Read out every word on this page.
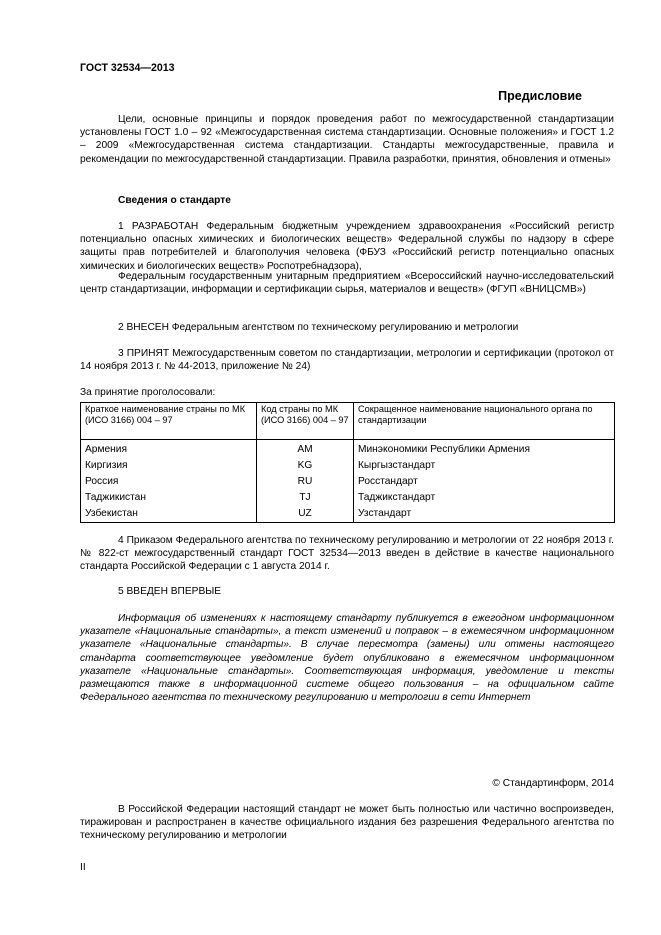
ГОСТ 32534—2013
Предисловие

Цели, основные принципы и порядок проведения работ по межгосударственной стандартизации установлены ГОСТ 1.0 – 92 «Межгосударственная система стандартизации. Основные положения» и ГОСТ 1.2 – 2009 «Межгосударственная система стандартизации. Стандарты межгосударственные, правила и рекомендации по межгосударственной стандартизации. Правила разработки, принятия, обновления и отмены»

Сведения о стандарте

1 РАЗРАБОТАН Федеральным бюджетным учреждением здравоохранения «Российский регистр потенциально опасных химических и биологических веществ» Федеральной службы по надзору в сфере защиты прав потребителей и благополучия человека (ФБУЗ «Российский регистр потенциально опасных химических и биологических веществ» Роспотребнадзора),

Федеральным государственным унитарным предприятием «Всероссийский научно-исследовательский центр стандартизации, информации и сертификации сырья, материалов и веществ» (ФГУП «ВНИЦСМВ»)

2 ВНЕСЕН Федеральным агентством по техническому регулированию и метрологии

3 ПРИНЯТ Межгосударственным советом по стандартизации, метрологии и сертификации (протокол от 14 ноября 2013 г. № 44-2013, приложение № 24)

За принятие проголосовали:

Краткое наименование страны по МК (ИСО 3166) 004 – 97	Код страны по МК (ИСО 3166) 004 – 97	Сокращенное наименование национального органа по стандартизации
Армения	AM	Минэкономики Республики Армения
Киргизия	KG	Кыргызстандарт
Россия	RU	Росстандарт
Таджикистан	TJ	Таджикстандарт
Узбекистан	UZ	Узстандарт

4 Приказом Федерального агентства по техническому регулированию и метрологии от 22 ноября 2013 г. № 822-ст межгосударственный стандарт ГОСТ 32534—2013 введен в действие в качестве национального стандарта Российской Федерации с 1 августа 2014 г.

5 ВВЕДЕН ВПЕРВЫЕ

Информация об изменениях к настоящему стандарту публикуется в ежегодном информационном указателе «Национальные стандарты», а текст изменений и поправок – в ежемесячном информационном указателе «Национальные стандарты». В случае пересмотра (замены) или отмены настоящего стандарта соответствующее уведомление будет опубликовано в ежемесячном информационном указателе «Национальные стандарты». Соответствующая информация, уведомление и тексты размещаются также в информационной системе общего пользования – на официальном сайте Федерального агентства по техническому регулированию и метрологии в сети Интернет

© Стандартинформ, 2014

В Российской Федерации настоящий стандарт не может быть полностью или частично воспроизведен, тиражирован и распространен в качестве официального издания без разрешения Федерального агентства по техническому регулированию и метрологии

II
